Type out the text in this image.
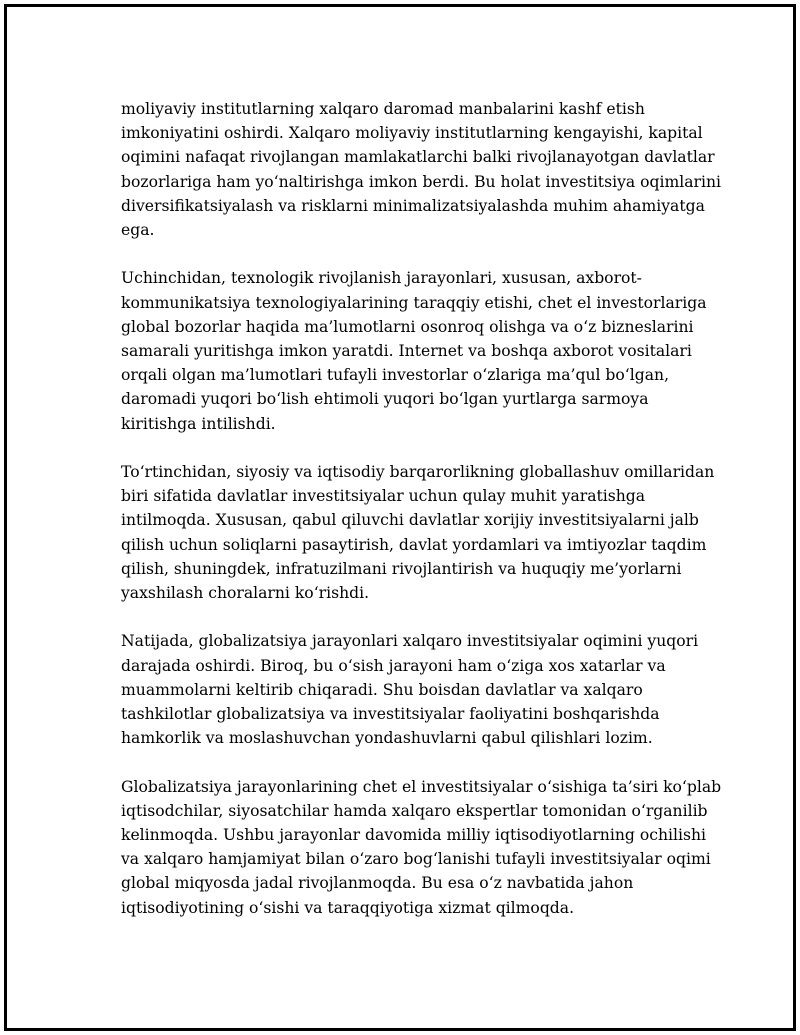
moliyaviy institutlarning xalqaro daromad manbalarini kashf etish
imkoniyatini oshirdi. Xalqaro moliyaviy institutlarning kengayishi, kapital
oqimini nafaqat rivojlangan mamlakatlarchi balki rivojlanayotgan davlatlar
bozorlariga ham yo‘naltirishga imkon berdi. Bu holat investitsiya oqimlarini
diversifikatsiyalash va risklarni minimalizatsiyalashda muhim ahamiyatga
ega.

Uchinchidan, texnologik rivojlanish jarayonlari, xususan, axborot-
kommunikatsiya texnologiyalarining taraqqiy etishi, chet el investorlariga
global bozorlar haqida ma’lumotlarni osonroq olishga va o‘z bizneslarini
samarali yuritishga imkon yaratdi. Internet va boshqa axborot vositalari
orqali olgan ma’lumotlari tufayli investorlar o‘zlariga ma’qul bo‘lgan,
daromadi yuqori bo‘lish ehtimoli yuqori bo‘lgan yurtlarga sarmoya
kiritishga intilishdi.

To‘rtinchidan, siyosiy va iqtisodiy barqarorlikning globallashuv omillaridan
biri sifatida davlatlar investitsiyalar uchun qulay muhit yaratishga
intilmoqda. Xususan, qabul qiluvchi davlatlar xorijiy investitsiyalarni jalb
qilish uchun soliqlarni pasaytirish, davlat yordamlari va imtiyozlar taqdim
qilish, shuningdek, infratuzilmani rivojlantirish va huquqiy me’yorlarni
yaxshilash choralarni ko‘rishdi.

Natijada, globalizatsiya jarayonlari xalqaro investitsiyalar oqimini yuqori
darajada oshirdi. Biroq, bu o‘sish jarayoni ham o‘ziga xos xatarlar va
muammolarni keltirib chiqaradi. Shu boisdan davlatlar va xalqaro
tashkilotlar globalizatsiya va investitsiyalar faoliyatini boshqarishda
hamkorlik va moslashuvchan yondashuvlarni qabul qilishlari lozim.

Globalizatsiya jarayonlarining chet el investitsiyalar o‘sishiga ta’siri ko‘plab
iqtisodchilar, siyosatchilar hamda xalqaro ekspertlar tomonidan o‘rganilib
kelinmoqda. Ushbu jarayonlar davomida milliy iqtisodiyotlarning ochilishi
va xalqaro hamjamiyat bilan o‘zaro bog‘lanishi tufayli investitsiyalar oqimi
global miqyosda jadal rivojlanmoqda. Bu esa o‘z navbatida jahon
iqtisodiyotining o‘sishi va taraqqiyotiga xizmat qilmoqda.
